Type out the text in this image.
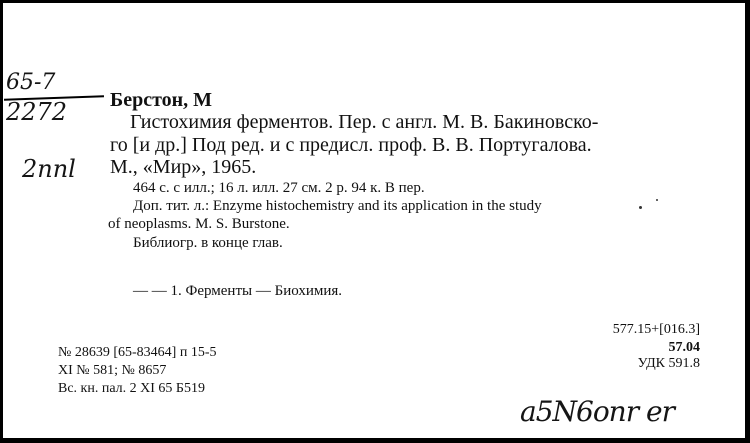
65-7
2272
2nnl
Берстон, М
Гистохимия ферментов. Пер. с англ. М. В. Бакиновско-
го [и др.] Под ред. и с предисл. проф. В. В. Португалова.
М., «Мир», 1965.
464 с. с илл.; 16 л. илл. 27 см. 2 р. 94 к. В пер.
Доп. тит. л.: Enzyme histochemistry and its application in the study
of neoplasms. M. S. Burstone.
Библиогр. в конце глав.
— — 1. Ферменты — Биохимия.
№ 28639 [65-83464] п 15-5
XI № 581; № 8657
Вс. кн. пал. 2 XI 65 Б519
577.15+[016.3]
57.04
УДК 591.8
a5N6onr er
